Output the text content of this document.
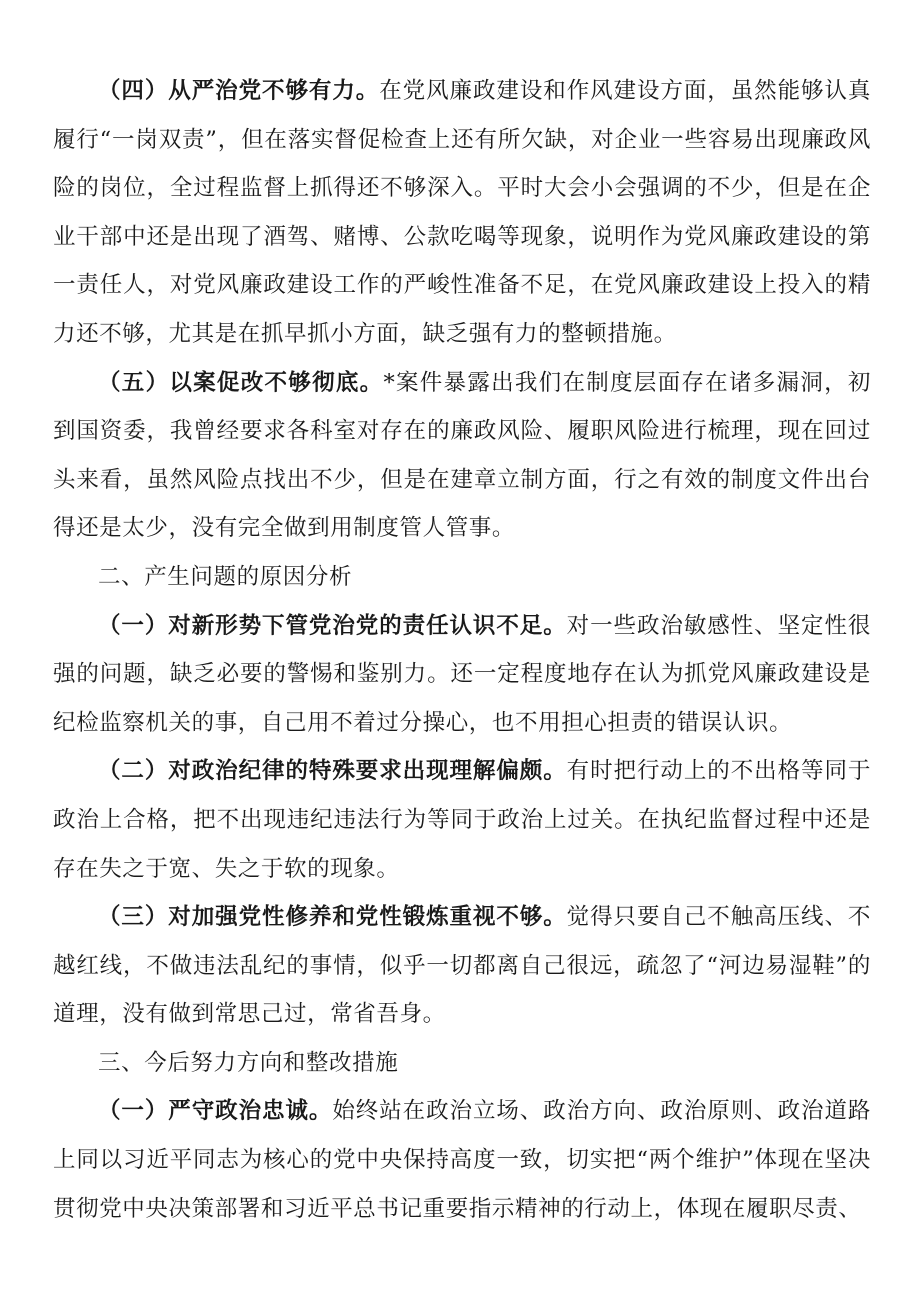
（四）从严治党不够有力。在党风廉政建设和作风建设方面，虽然能够认真履行“一岗双责”，但在落实督促检查上还有所欠缺，对企业一些容易出现廉政风险的岗位，全过程监督上抓得还不够深入。平时大会小会强调的不少，但是在企业干部中还是出现了酒驾、赌博、公款吃喝等现象，说明作为党风廉政建设的第一责任人，对党风廉政建设工作的严峻性准备不足，在党风廉政建设上投入的精力还不够，尤其是在抓早抓小方面，缺乏强有力的整顿措施。

（五）以案促改不够彻底。*案件暴露出我们在制度层面存在诸多漏洞，初到国资委，我曾经要求各科室对存在的廉政风险、履职风险进行梳理，现在回过头来看，虽然风险点找出不少，但是在建章立制方面，行之有效的制度文件出台得还是太少，没有完全做到用制度管人管事。

二、产生问题的原因分析

（一）对新形势下管党治党的责任认识不足。对一些政治敏感性、坚定性很强的问题，缺乏必要的警惕和鉴别力。还一定程度地存在认为抓党风廉政建设是纪检监察机关的事，自己用不着过分操心，也不用担心担责的错误认识。

（二）对政治纪律的特殊要求出现理解偏颇。有时把行动上的不出格等同于政治上合格，把不出现违纪违法行为等同于政治上过关。在执纪监督过程中还是存在失之于宽、失之于软的现象。

（三）对加强党性修养和党性锻炼重视不够。觉得只要自己不触高压线、不越红线，不做违法乱纪的事情，似乎一切都离自己很远，疏忽了“河边易湿鞋”的道理，没有做到常思己过，常省吾身。

三、今后努力方向和整改措施

（一）严守政治忠诚。始终站在政治立场、政治方向、政治原则、政治道路上同以习近平同志为核心的党中央保持高度一致，切实把“两个维护”体现在坚决贯彻党中央决策部署和习近平总书记重要指示精神的行动上，体现在履职尽责、
